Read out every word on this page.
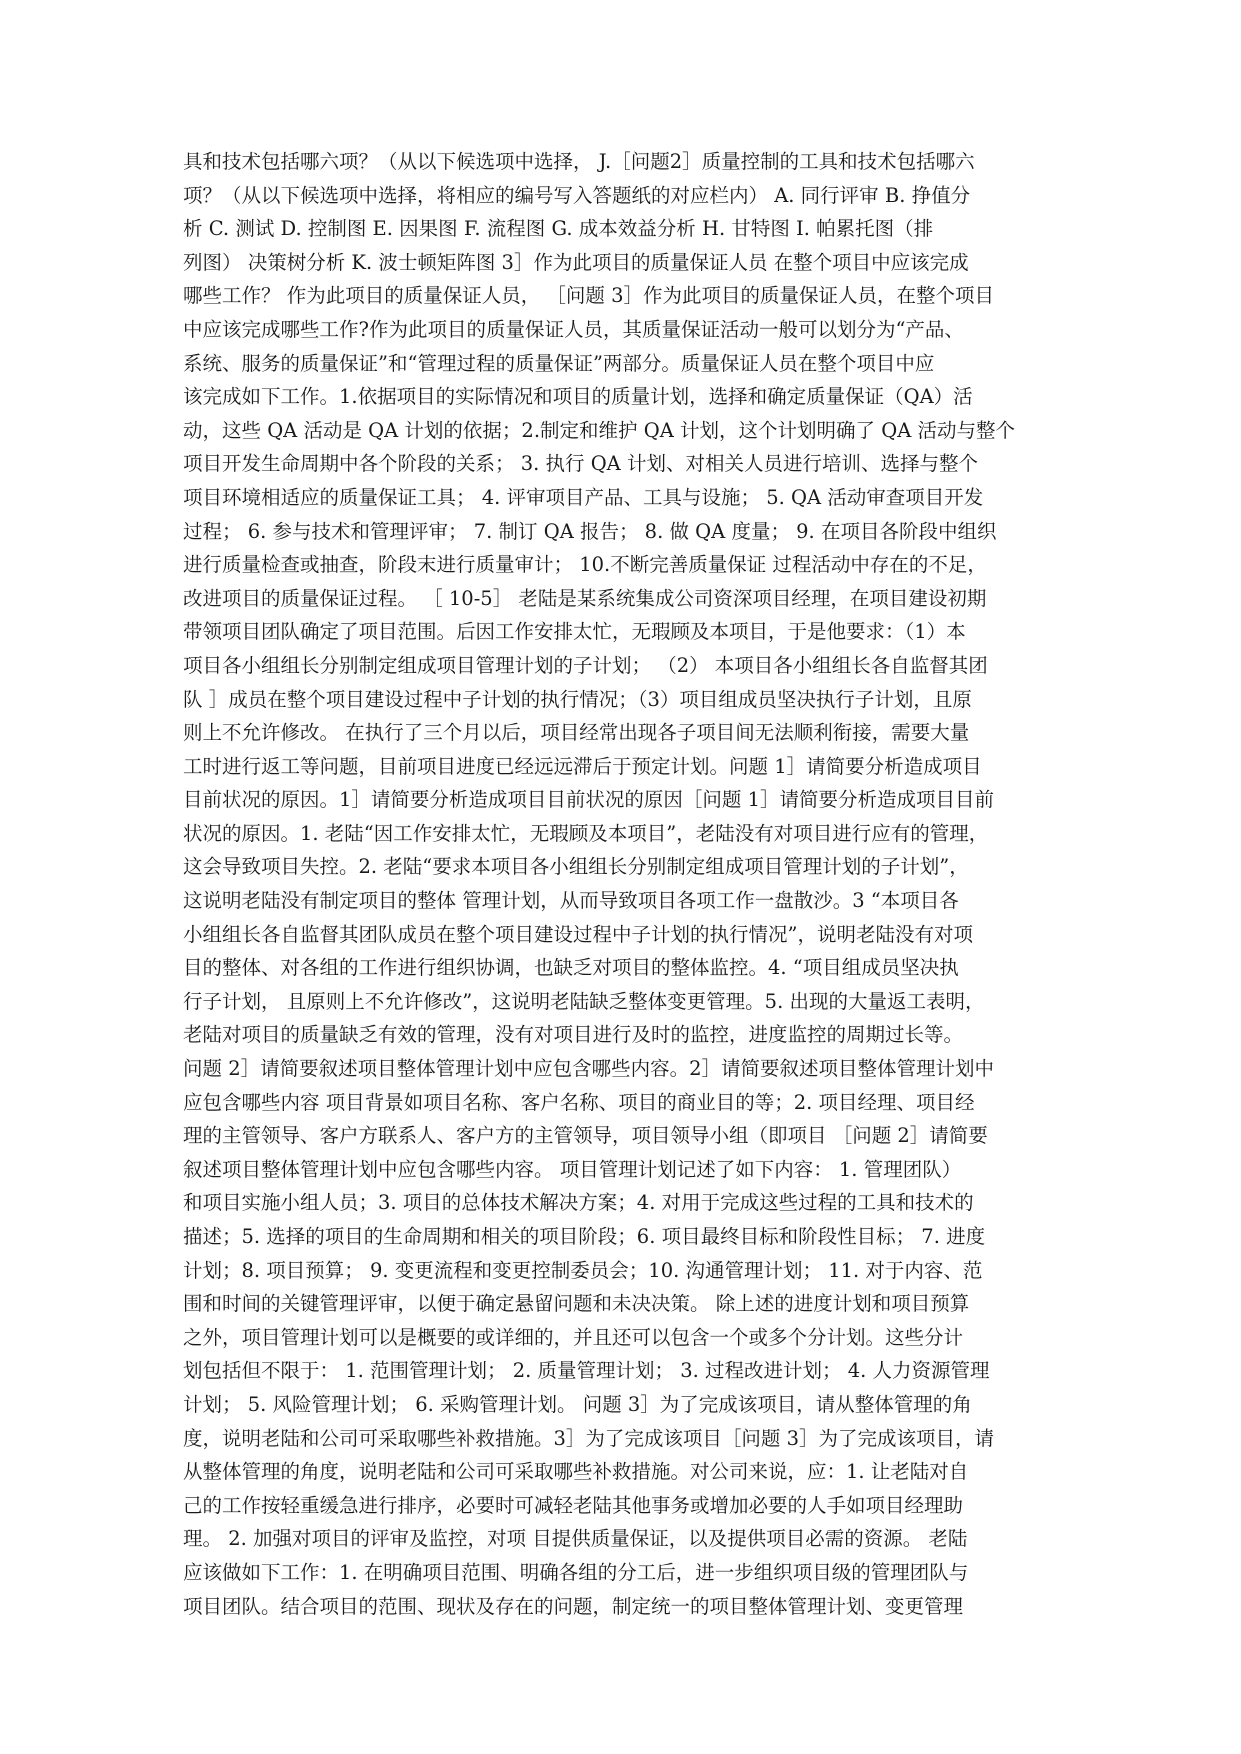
具和技术包括哪六项？（从以下候选项中选择， J.［问题2］质量控制的工具和技术包括哪六
项？（从以下候选项中选择，将相应的编号写入答题纸的对应栏内） A. 同行评审 B. 挣值分
析 C. 测试 D. 控制图 E. 因果图 F. 流程图 G. 成本效益分析 H. 甘特图 I. 帕累托图（排
列图） 决策树分析 K. 波士顿矩阵图 3］作为此项目的质量保证人员 在整个项目中应该完成
哪些工作？ 作为此项目的质量保证人员， ［问题 3］作为此项目的质量保证人员，在整个项目
中应该完成哪些工作?作为此项目的质量保证人员，其质量保证活动一般可以划分为“产品、
系统、服务的质量保证”和“管理过程的质量保证”两部分。质量保证人员在整个项目中应
该完成如下工作。1.依据项目的实际情况和项目的质量计划，选择和确定质量保证（QA）活
动，这些 QA 活动是 QA 计划的依据；2.制定和维护 QA 计划，这个计划明确了 QA 活动与整个
项目开发生命周期中各个阶段的关系； 3. 执行 QA 计划、对相关人员进行培训、选择与整个
项目环境相适应的质量保证工具； 4. 评审项目产品、工具与设施； 5. QA 活动审查项目开发
过程； 6. 参与技术和管理评审； 7. 制订 QA 报告； 8. 做 QA 度量； 9. 在项目各阶段中组织
进行质量检查或抽查，阶段末进行质量审计； 10.不断完善质量保证 过程活动中存在的不足，
改进项目的质量保证过程。 ［ 10-5］ 老陆是某系统集成公司资深项目经理，在项目建设初期
带领项目团队确定了项目范围。后因工作安排太忙，无瑕顾及本项目，于是他要求：（1）本
项目各小组组长分别制定组成项目管理计划的子计划； （2） 本项目各小组组长各自监督其团
队 ］成员在整个项目建设过程中子计划的执行情况；（3）项目组成员坚决执行子计划，且原
则上不允许修改。 在执行了三个月以后，项目经常出现各子项目间无法顺利衔接，需要大量
工时进行返工等问题，目前项目进度已经远远滞后于预定计划。问题 1］请简要分析造成项目
目前状况的原因。1］请简要分析造成项目目前状况的原因［问题 1］请简要分析造成项目目前
状况的原因。1. 老陆“因工作安排太忙，无瑕顾及本项目”，老陆没有对项目进行应有的管理，
这会导致项目失控。2. 老陆“要求本项目各小组组长分别制定组成项目管理计划的子计划”，
这说明老陆没有制定项目的整体 管理计划，从而导致项目各项工作一盘散沙。3 “本项目各
小组组长各自监督其团队成员在整个项目建设过程中子计划的执行情况”，说明老陆没有对项
目的整体、对各组的工作进行组织协调，也缺乏对项目的整体监控。4. “项目组成员坚决执
行子计划， 且原则上不允许修改”，这说明老陆缺乏整体变更管理。5. 出现的大量返工表明，
老陆对项目的质量缺乏有效的管理，没有对项目进行及时的监控，进度监控的周期过长等。
问题 2］请简要叙述项目整体管理计划中应包含哪些内容。2］请简要叙述项目整体管理计划中
应包含哪些内容 项目背景如项目名称、客户名称、项目的商业目的等；2. 项目经理、项目经
理的主管领导、客户方联系人、客户方的主管领导，项目领导小组（即项目 ［问题 2］请简要
叙述项目整体管理计划中应包含哪些内容。 项目管理计划记述了如下内容： 1. 管理团队）
和项目实施小组人员；3. 项目的总体技术解决方案；4. 对用于完成这些过程的工具和技术的
描述；5. 选择的项目的生命周期和相关的项目阶段；6. 项目最终目标和阶段性目标； 7. 进度
计划；8. 项目预算； 9. 变更流程和变更控制委员会；10. 沟通管理计划； 11. 对于内容、范
围和时间的关键管理评审，以便于确定悬留问题和未决决策。 除上述的进度计划和项目预算
之外，项目管理计划可以是概要的或详细的，并且还可以包含一个或多个分计划。这些分计
划包括但不限于： 1. 范围管理计划； 2. 质量管理计划； 3. 过程改进计划； 4. 人力资源管理
计划； 5. 风险管理计划； 6. 采购管理计划。 问题 3］为了完成该项目，请从整体管理的角
度，说明老陆和公司可采取哪些补救措施。3］为了完成该项目［问题 3］为了完成该项目，请
从整体管理的角度，说明老陆和公司可采取哪些补救措施。对公司来说，应：1. 让老陆对自
己的工作按轻重缓急进行排序，必要时可减轻老陆其他事务或增加必要的人手如项目经理助
理。 2. 加强对项目的评审及监控，对项 目提供质量保证，以及提供项目必需的资源。 老陆
应该做如下工作：1. 在明确项目范围、明确各组的分工后，进一步组织项目级的管理团队与
项目团队。结合项目的范围、现状及存在的问题，制定统一的项目整体管理计划、变更管理
